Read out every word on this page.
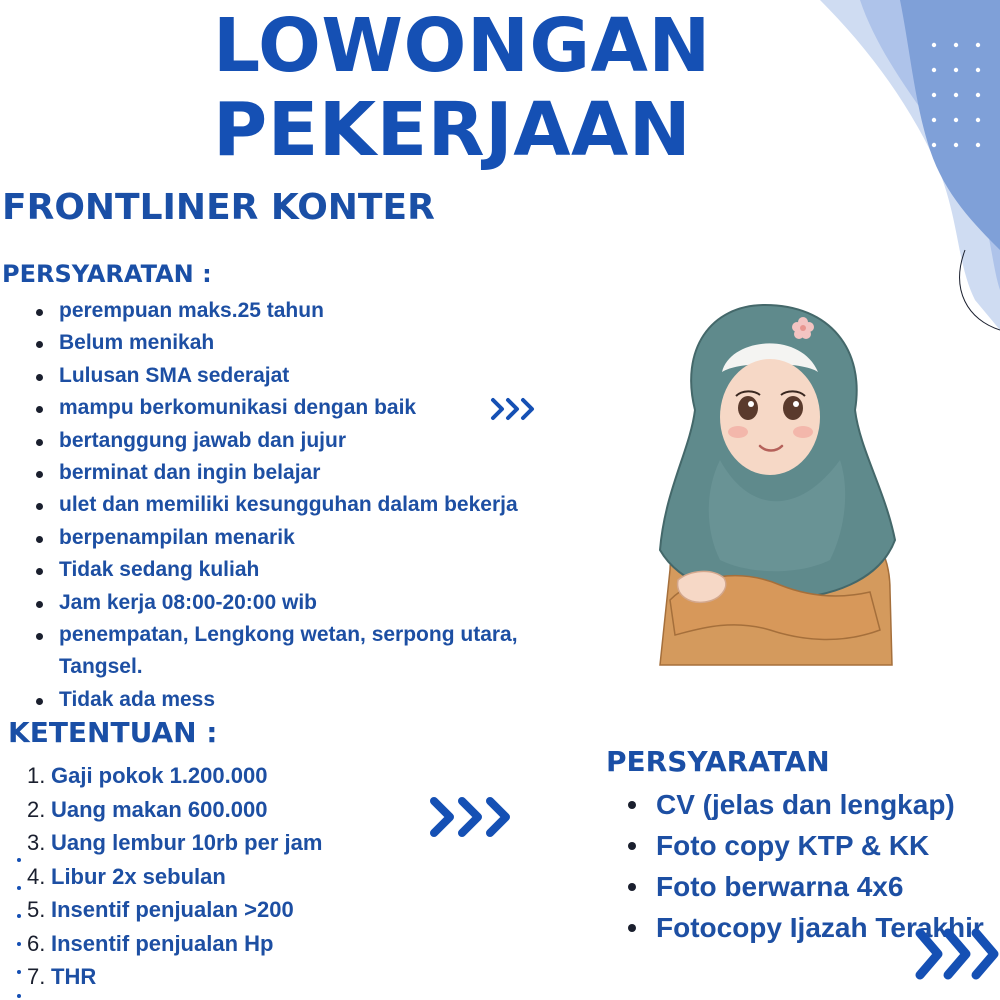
LOWONGAN
PEKERJAAN
FRONTLINER KONTER
PERSYARATAN :
perempuan maks.25 tahun
Belum menikah
Lulusan SMA sederajat
mampu berkomunikasi dengan baik
bertanggung jawab dan jujur
berminat dan ingin belajar
ulet dan memiliki kesungguhan dalam bekerja
berpenampilan menarik
Tidak sedang kuliah
Jam kerja 08:00-20:00 wib
penempatan, Lengkong wetan, serpong utara, Tangsel.
Tidak ada mess
KETENTUAN :
1. Gaji pokok 1.200.000
2. Uang makan 600.000
3. Uang lembur 10rb per jam
4. Libur 2x sebulan
5. Insentif penjualan >200
6. Insentif penjualan Hp
7. THR
PERSYARATAN
CV (jelas dan lengkap)
Foto copy KTP & KK
Foto berwarna 4x6
Fotocopy Ijazah Terakhir
